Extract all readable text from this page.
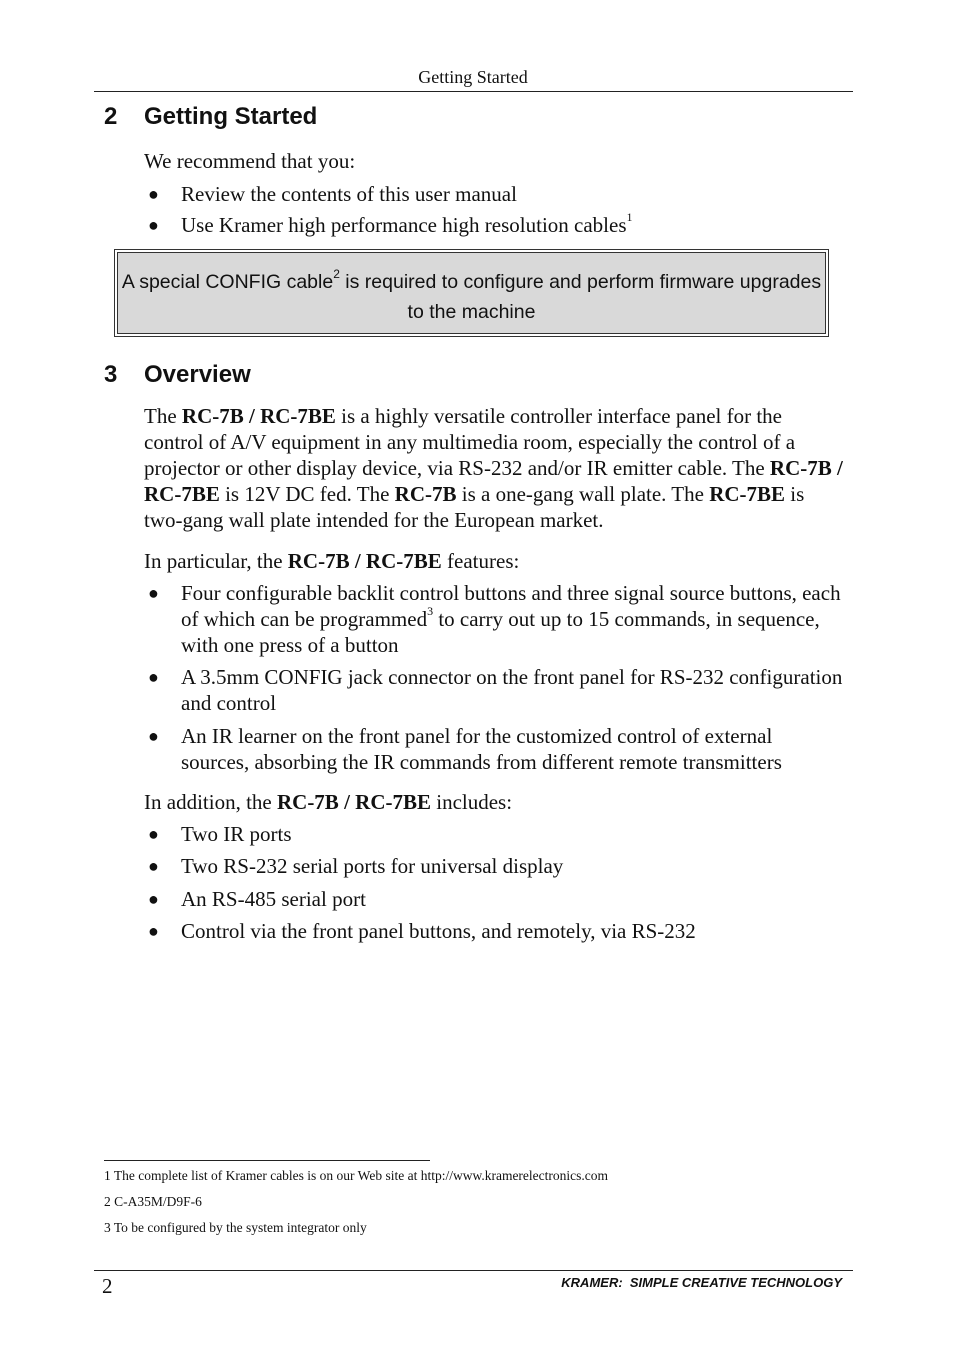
Getting Started
2 Getting Started

We recommend that you:

● Review the contents of this user manual
● Use Kramer high performance high resolution cables$^1$
A special CONFIG cable$^2$ is required to configure and perform firmware upgrades to the machine
3 Overview

The RC-7B / RC-7BE is a highly versatile controller interface panel for the control of A/V equipment in any multimedia room, especially the control of a projector or other display device, via RS-232 and/or IR emitter cable. The RC-7B / RC-7BE is 12V DC fed. The RC-7B is a one-gang wall plate. The RC-7BE is two-gang wall plate intended for the European market.

In particular, the RC-7B / RC-7BE features:

● Four configurable backlit control buttons and three signal source buttons, each of which can be programmed$^3$ to carry out up to 15 commands, in sequence, with one press of a button
● A 3.5mm CONFIG jack connector on the front panel for RS-232 configuration and control
● An IR learner on the front panel for the customized control of external sources, absorbing the IR commands from different remote transmitters

In addition, the RC-7B / RC-7BE includes:

● Two IR ports
● Two RS-232 serial ports for universal display
● An RS-485 serial port
● Control via the front panel buttons, and remotely, via RS-232
1 The complete list of Kramer cables is on our Web site at http://www.kramerelectronics.com
2 C-A35M/D9F-6
3 To be configured by the system integrator only
2	KRAMER:  SIMPLE CREATIVE TECHNOLOGY
